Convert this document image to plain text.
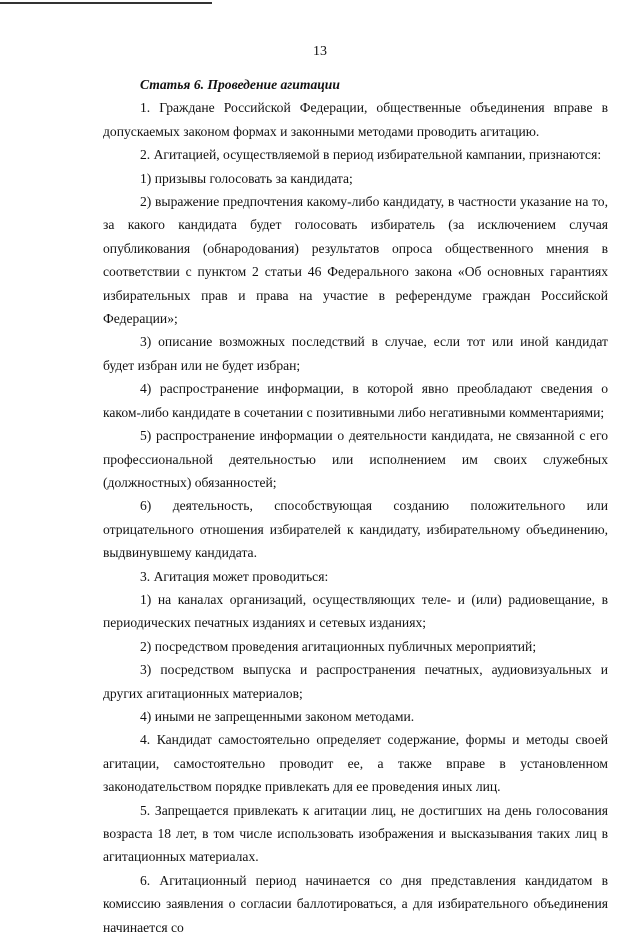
13

Статья 6. Проведение агитации

1. Граждане Российской Федерации, общественные объединения вправе в допускаемых законом формах и законными методами проводить агитацию.

2. Агитацией, осуществляемой в период избирательной кампании, признаются:

1) призывы голосовать за кандидата;

2) выражение предпочтения какому-либо кандидату, в частности указание на то, за какого кандидата будет голосовать избиратель (за исключением случая опубликования (обнародования) результатов опроса общественного мнения в соответствии с пунктом 2 статьи 46 Федерального закона «Об основных гарантиях избирательных прав и права на участие в референдуме граждан Российской Федерации»;

3) описание возможных последствий в случае, если тот или иной кандидат будет избран или не будет избран;

4) распространение информации, в которой явно преобладают сведения о каком-либо кандидате в сочетании с позитивными либо негативными комментариями;

5) распространение информации о деятельности кандидата, не связанной с его профессиональной деятельностью или исполнением им своих служебных (должностных) обязанностей;

6) деятельность, способствующая созданию положительного или отрицательного отношения избирателей к кандидату, избирательному объединению, выдвинувшему кандидата.

3. Агитация может проводиться:

1) на каналах организаций, осуществляющих теле- и (или) радиовещание, в периодических печатных изданиях и сетевых изданиях;

2) посредством проведения агитационных публичных мероприятий;

3) посредством выпуска и распространения печатных, аудиовизуальных и других агитационных материалов;

4) иными не запрещенными законом методами.

4. Кандидат самостоятельно определяет содержание, формы и методы своей агитации, самостоятельно проводит ее, а также вправе в установленном законодательством порядке привлекать для ее проведения иных лиц.

5. Запрещается привлекать к агитации лиц, не достигших на день голосования возраста 18 лет, в том числе использовать изображения и высказывания таких лиц в агитационных материалах.

6. Агитационный период начинается со дня представления кандидатом в комиссию заявления о согласии баллотироваться, а для избирательного объединения начинается со
